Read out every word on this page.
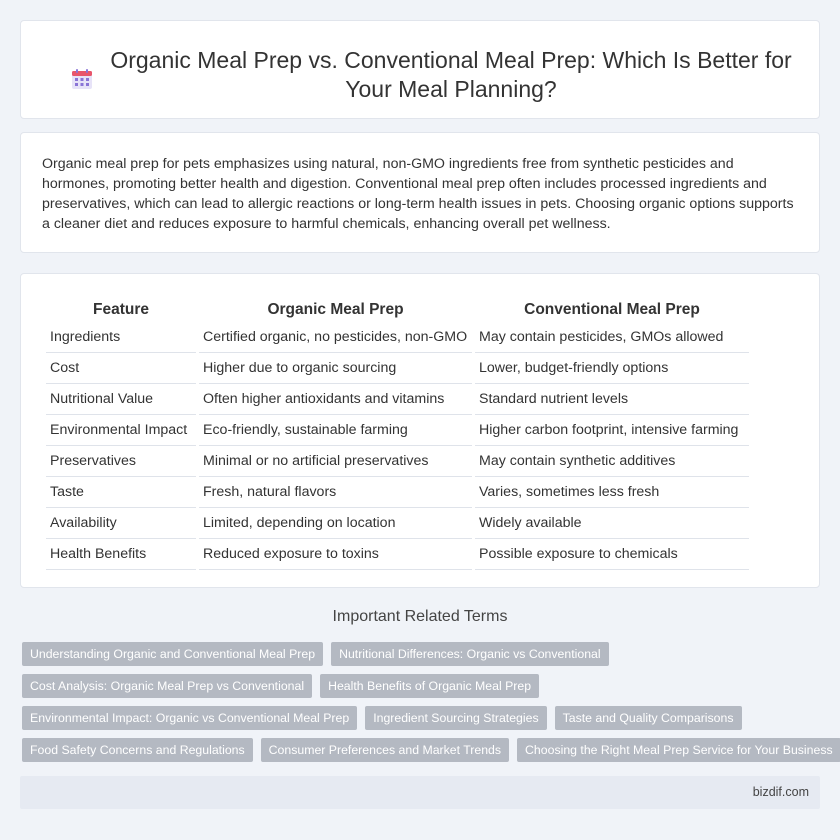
Organic Meal Prep vs. Conventional Meal Prep: Which Is Better for Your Meal Planning?

Organic meal prep for pets emphasizes using natural, non-GMO ingredients free from synthetic pesticides and hormones, promoting better health and digestion. Conventional meal prep often includes processed ingredients and preservatives, which can lead to allergic reactions or long-term health issues in pets. Choosing organic options supports a cleaner diet and reduces exposure to harmful chemicals, enhancing overall pet wellness.

Feature	Organic Meal Prep	Conventional Meal Prep
Ingredients	Certified organic, no pesticides, non-GMO	May contain pesticides, GMOs allowed
Cost	Higher due to organic sourcing	Lower, budget-friendly options
Nutritional Value	Often higher antioxidants and vitamins	Standard nutrient levels
Environmental Impact	Eco-friendly, sustainable farming	Higher carbon footprint, intensive farming
Preservatives	Minimal or no artificial preservatives	May contain synthetic additives
Taste	Fresh, natural flavors	Varies, sometimes less fresh
Availability	Limited, depending on location	Widely available
Health Benefits	Reduced exposure to toxins	Possible exposure to chemicals
Important Related Terms
Understanding Organic and Conventional Meal Prep	Nutritional Differences: Organic vs Conventional
Cost Analysis: Organic Meal Prep vs Conventional	Health Benefits of Organic Meal Prep
Environmental Impact: Organic vs Conventional Meal Prep	Ingredient Sourcing Strategies	Taste and Quality Comparisons
Food Safety Concerns and Regulations	Consumer Preferences and Market Trends	Choosing the Right Meal Prep Service for Your Business
bizdif.com
